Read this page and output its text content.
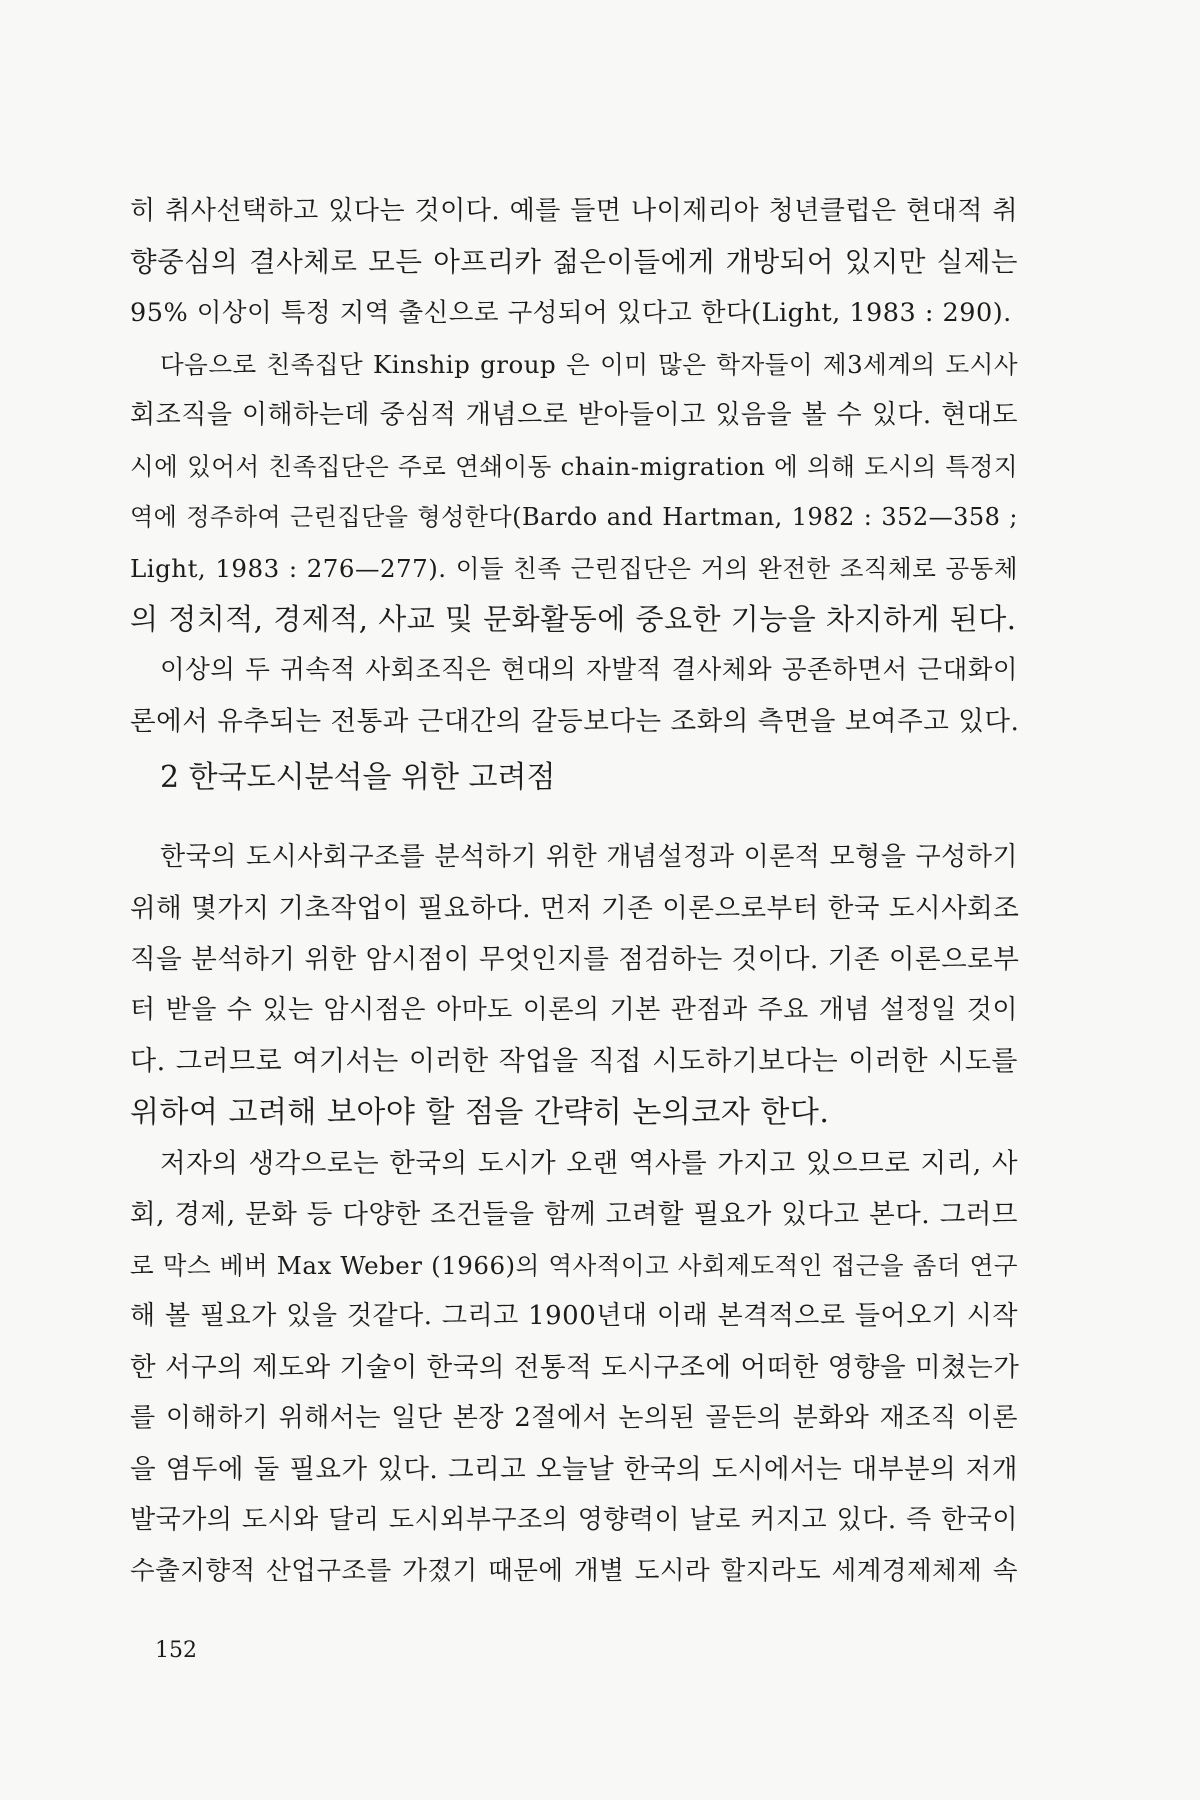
히 취사선택하고 있다는 것이다. 예를 들면 나이제리아 청년클럽은 현대적 취
향중심의 결사체로 모든 아프리카 젊은이들에게 개방되어 있지만 실제는
95% 이상이 특정 지역 출신으로 구성되어 있다고 한다(Light, 1983 : 290).
다음으로 친족집단 Kinship group 은 이미 많은 학자들이 제3세계의 도시사
회조직을 이해하는데 중심적 개념으로 받아들이고 있음을 볼 수 있다. 현대도
시에 있어서 친족집단은 주로 연쇄이동 chain-migration 에 의해 도시의 특정지
역에 정주하여 근린집단을 형성한다(Bardo and Hartman, 1982 : 352—358 ;
Light, 1983 : 276—277). 이들 친족 근린집단은 거의 완전한 조직체로 공동체
의 정치적, 경제적, 사교 및 문화활동에 중요한 기능을 차지하게 된다.
이상의 두 귀속적 사회조직은 현대의 자발적 결사체와 공존하면서 근대화이
론에서 유추되는 전통과 근대간의 갈등보다는 조화의 측면을 보여주고 있다.
2 한국도시분석을 위한 고려점
한국의 도시사회구조를 분석하기 위한 개념설정과 이론적 모형을 구성하기
위해 몇가지 기초작업이 필요하다. 먼저 기존 이론으로부터 한국 도시사회조
직을 분석하기 위한 암시점이 무엇인지를 점검하는 것이다. 기존 이론으로부
터 받을 수 있는 암시점은 아마도 이론의 기본 관점과 주요 개념 설정일 것이
다. 그러므로 여기서는 이러한 작업을 직접 시도하기보다는 이러한 시도를
위하여 고려해 보아야 할 점을 간략히 논의코자 한다.
저자의 생각으로는 한국의 도시가 오랜 역사를 가지고 있으므로 지리, 사
회, 경제, 문화 등 다양한 조건들을 함께 고려할 필요가 있다고 본다. 그러므
로 막스 베버 Max Weber (1966)의 역사적이고 사회제도적인 접근을 좀더 연구
해 볼 필요가 있을 것같다. 그리고 1900년대 이래 본격적으로 들어오기 시작
한 서구의 제도와 기술이 한국의 전통적 도시구조에 어떠한 영향을 미쳤는가
를 이해하기 위해서는 일단 본장 2절에서 논의된 골든의 분화와 재조직 이론
을 염두에 둘 필요가 있다. 그리고 오늘날 한국의 도시에서는 대부분의 저개
발국가의 도시와 달리 도시외부구조의 영향력이 날로 커지고 있다. 즉 한국이
수출지향적 산업구조를 가졌기 때문에 개별 도시라 할지라도 세계경제체제 속
152
